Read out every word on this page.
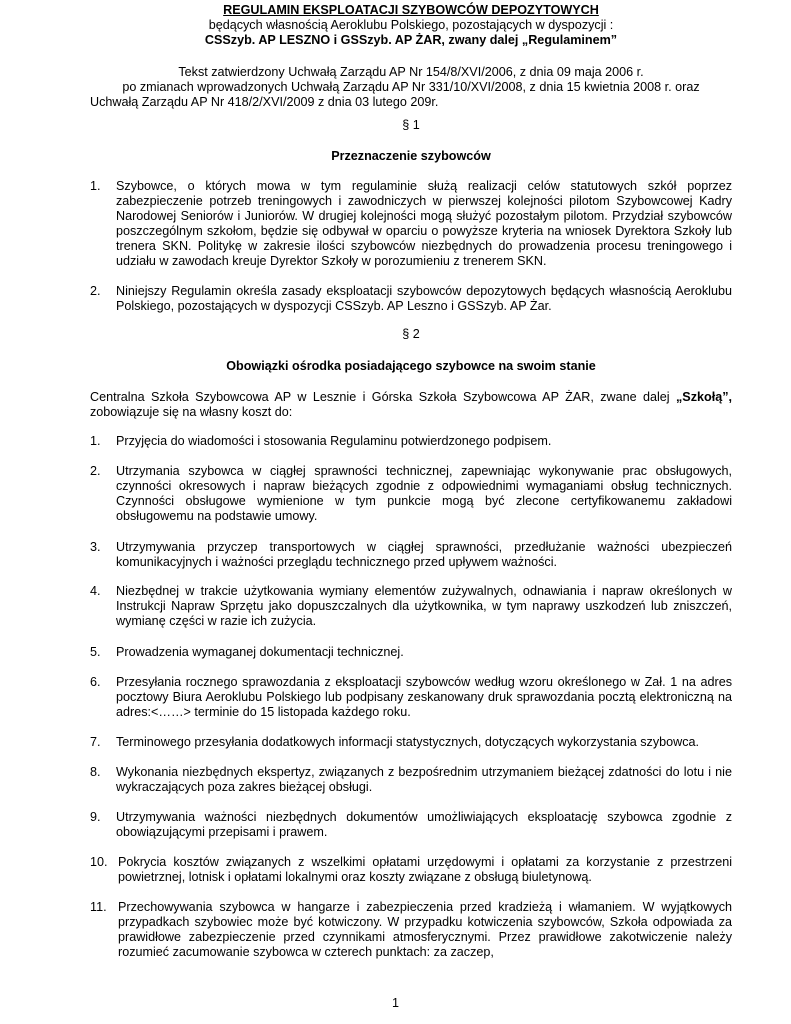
REGULAMIN EKSPLOATACJI SZYBOWCÓW DEPOZYTOWYCH
będących własnością Aeroklubu Polskiego, pozostających w dyspozycji :
CSSzyb. AP LESZNO i GSSzyb. AP ŻAR, zwany dalej „Regulaminem”
Tekst zatwierdzony Uchwałą Zarządu AP Nr 154/8/XVI/2006, z dnia 09 maja 2006 r.
po zmianach wprowadzonych Uchwałą Zarządu AP Nr 331/10/XVI/2008, z dnia 15 kwietnia 2008 r. oraz
Uchwałą Zarządu AP Nr 418/2/XVI/2009 z dnia 03 lutego 209r.
§ 1
Przeznaczenie szybowców
1.	Szybowce, o których mowa w tym regulaminie służą realizacji celów statutowych szkół poprzez zabezpieczenie potrzeb treningowych i zawodniczych w pierwszej kolejności pilotom Szybowcowej Kadry Narodowej Seniorów i Juniorów. W drugiej kolejności mogą służyć pozostałym pilotom. Przydział szybowców poszczególnym szkołom, będzie się odbywał w oparciu o powyższe kryteria na wniosek Dyrektora Szkoły lub trenera SKN. Politykę w zakresie ilości szybowców niezbędnych do prowadzenia procesu treningowego i udziału w zawodach kreuje Dyrektor Szkoły w porozumieniu z trenerem SKN.
2.	Niniejszy Regulamin określa zasady eksploatacji szybowców depozytowych będących własnością Aeroklubu Polskiego, pozostających w dyspozycji CSSzyb. AP Leszno i GSSzyb. AP Żar.
§ 2
Obowiązki ośrodka posiadającego szybowce na swoim stanie
Centralna Szkoła Szybowcowa AP w Lesznie i Górska Szkoła Szybowcowa AP ŻAR, zwane dalej „Szkołą”, zobowiązuje się na własny koszt do:
1.	Przyjęcia do wiadomości i stosowania Regulaminu potwierdzonego podpisem.
2.	Utrzymania szybowca w ciągłej sprawności technicznej, zapewniając wykonywanie prac obsługowych, czynności okresowych i napraw bieżących zgodnie z odpowiednimi wymaganiami obsług technicznych. Czynności obsługowe wymienione w tym punkcie mogą być zlecone certyfikowanemu zakładowi obsługowemu na podstawie umowy.
3.	Utrzymywania przyczep transportowych w ciągłej sprawności, przedłużanie ważności ubezpieczeń komunikacyjnych i ważności przeglądu technicznego przed upływem ważności.
4.	Niezbędnej w trakcie użytkowania wymiany elementów zużywalnych, odnawiania i napraw określonych w Instrukcji Napraw Sprzętu jako dopuszczalnych dla użytkownika, w tym naprawy uszkodzeń lub zniszczeń, wymianę części w razie ich zużycia.
5.	Prowadzenia wymaganej dokumentacji technicznej.
6.	Przesyłania rocznego sprawozdania z eksploatacji szybowców według wzoru określonego w Zał. 1 na adres pocztowy Biura Aeroklubu Polskiego lub podpisany zeskanowany druk sprawozdania pocztą elektroniczną na adres:<……> terminie do 15 listopada każdego roku.
7.	Terminowego przesyłania dodatkowych informacji statystycznych, dotyczących wykorzystania szybowca.
8.	Wykonania niezbędnych ekspertyz, związanych z bezpośrednim utrzymaniem bieżącej zdatności do lotu i nie wykraczających poza zakres bieżącej obsługi.
9.	Utrzymywania ważności niezbędnych dokumentów umożliwiających eksploatację szybowca zgodnie z obowiązującymi przepisami i prawem.
10. Pokrycia kosztów związanych z wszelkimi opłatami urzędowymi i opłatami za korzystanie z przestrzeni powietrznej, lotnisk i opłatami lokalnymi oraz koszty związane z obsługą biuletynową.
11. Przechowywania szybowca w hangarze i zabezpieczenia przed kradzieżą i włamaniem. W wyjątkowych przypadkach szybowiec może być kotwiczony. W przypadku kotwiczenia szybowców, Szkoła odpowiada za prawidłowe zabezpieczenie przed czynnikami atmosferycznymi. Przez prawidłowe zakotwiczenie należy rozumieć zacumowanie szybowca w czterech punktach: za zaczep,
1
